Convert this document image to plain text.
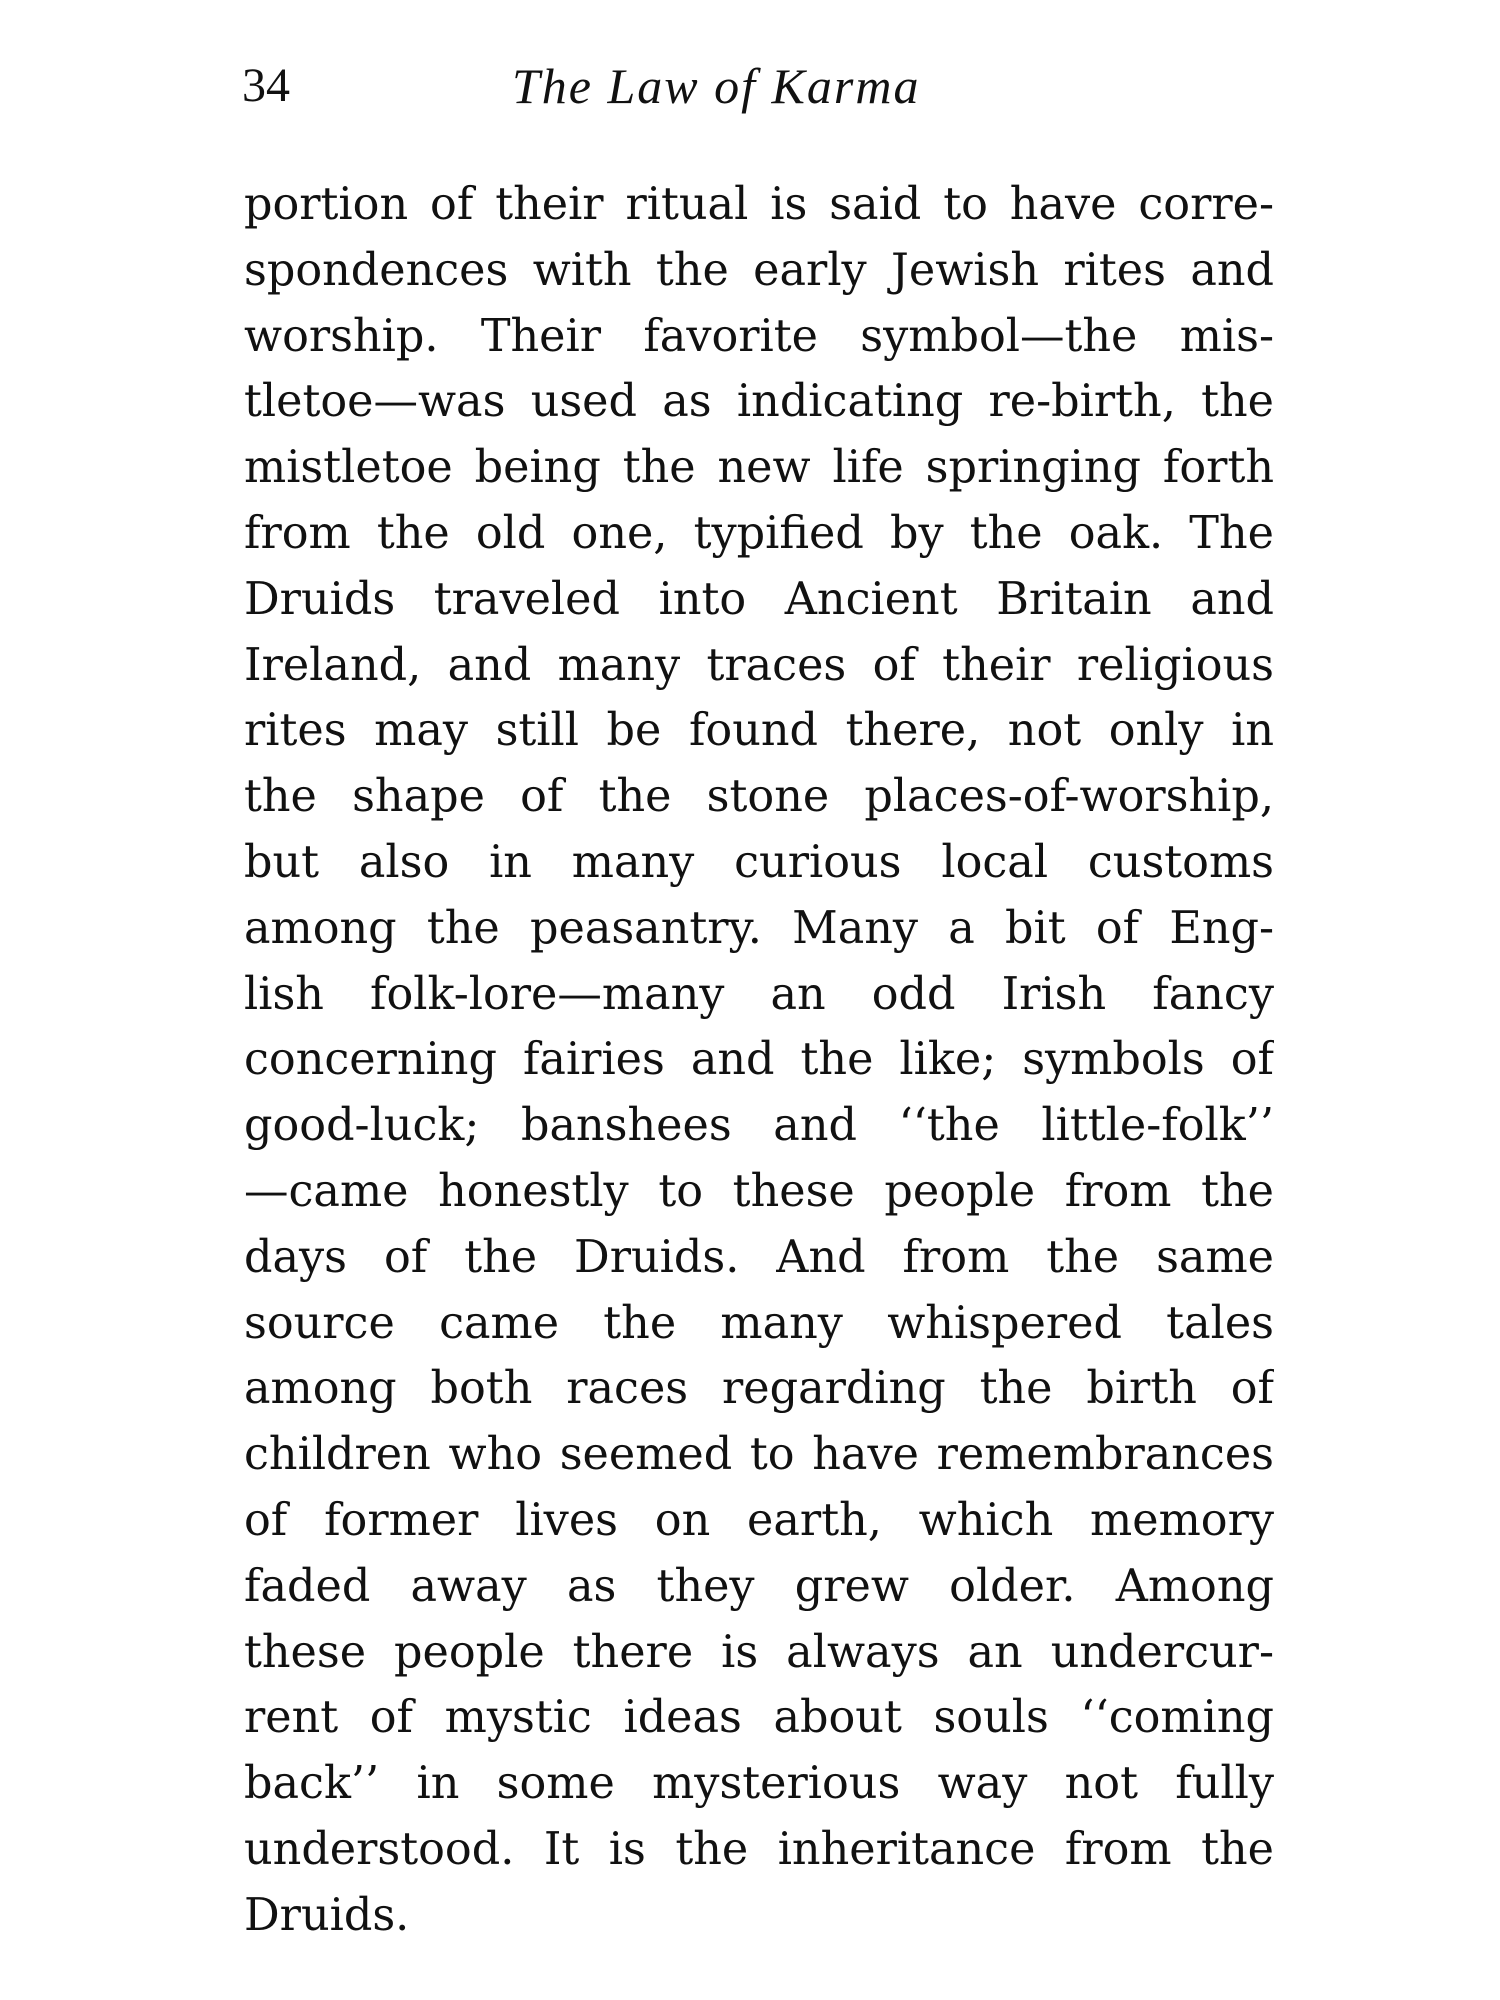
34	The Law of Karma
portion of their ritual is said to have corre-
spondences with the early Jewish rites and
worship. Their favorite symbol—the mis-
tletoe—was used as indicating re-birth, the
mistletoe being the new life springing forth
from the old one, typified by the oak. The
Druids traveled into Ancient Britain and
Ireland, and many traces of their religious
rites may still be found there, not only in
the shape of the stone places-of-worship,
but also in many curious local customs
among the peasantry. Many a bit of Eng-
lish folk-lore—many an odd Irish fancy
concerning fairies and the like; symbols of
good-luck; banshees and ‘‘the little-folk’’
—came honestly to these people from the
days of the Druids. And from the same
source came the many whispered tales
among both races regarding the birth of
children who seemed to have remembrances
of former lives on earth, which memory
faded away as they grew older. Among
these people there is always an undercur-
rent of mystic ideas about souls ‘‘coming
back’’ in some mysterious way not fully
understood. It is the inheritance from the
Druids.
